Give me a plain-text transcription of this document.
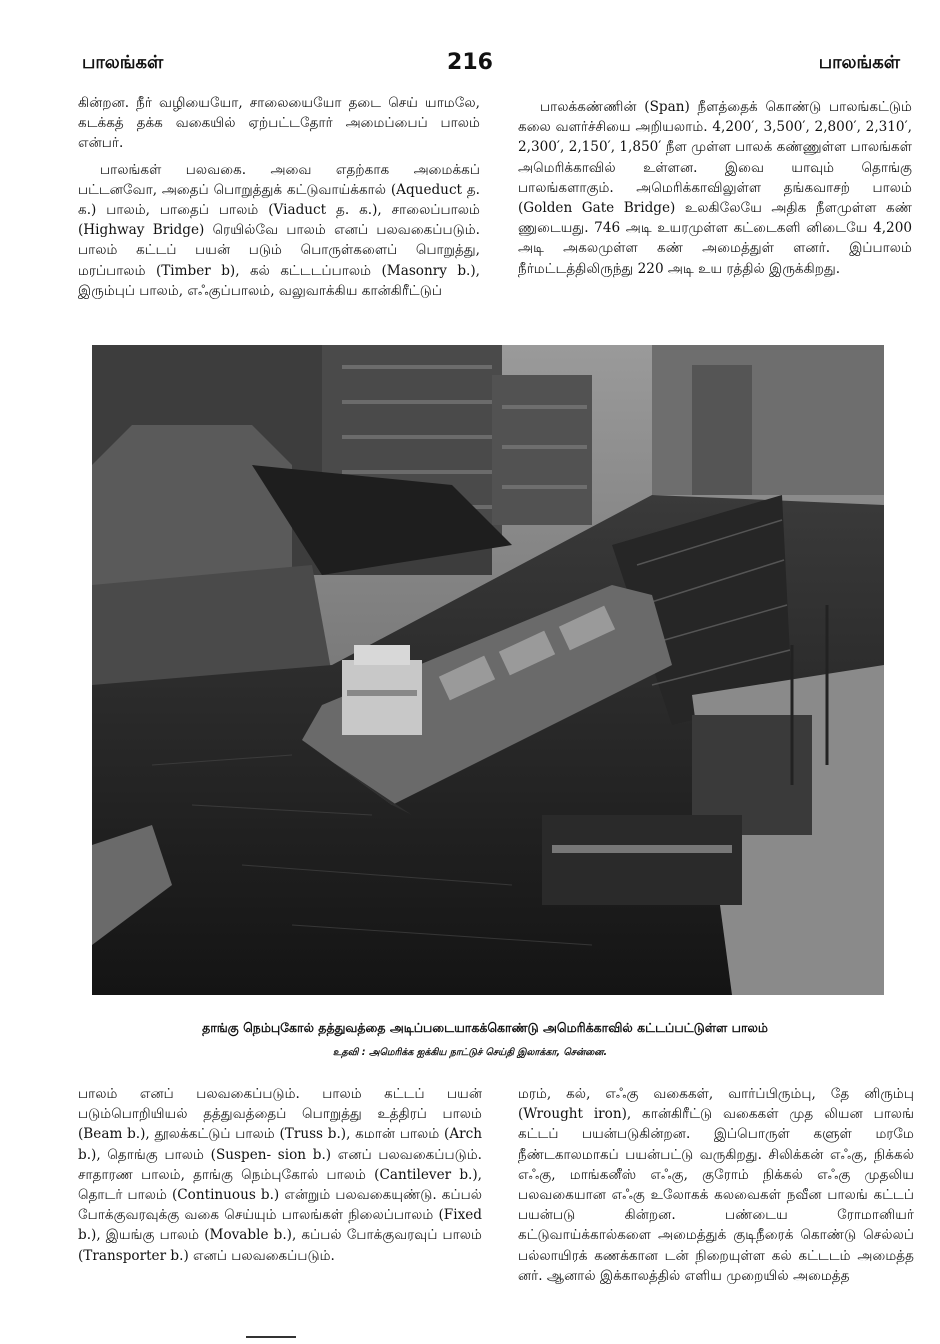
பாலங்கள்	216	பாலங்கள்

கின்றன. நீர் வழியையோ, சாலையையோ தடை செய் யாமலே, கடக்கத் தக்க வகையில் ஏற்பட்டதோர் அமைப்பைப் பாலம் என்பர்.

பாலங்கள் பலவகை. அவை எதற்காக அமைக்கப் பட்டனவோ, அதைப் பொறுத்துக் கட்டுவாய்க்கால் (Aqueduct த. க.) பாலம், பாதைப் பாலம் (Viaduct த. க.), சாலைப்பாலம் (Highway Bridge) ரெயில்வே பாலம் எனப் பலவகைப்படும். பாலம் கட்டப் பயன் படும் பொருள்களைப் பொறுத்து, மரப்பாலம் (Timber b), கல் கட்டடப்பாலம் (Masonry b.), இரும்புப் பாலம், எஃகுப்பாலம், வலுவாக்கிய கான்கிரீட்டுப்

பாலக்கண்ணின் (Span) நீளத்தைக் கொண்டு பாலங்கட்டும் கலை வளர்ச்சியை அறியலாம். 4,200′, 3,500′, 2,800′, 2,310′, 2,300′, 2,150′, 1,850′ நீள முள்ள பாலக் கண்ணுள்ள பாலங்கள் அமெரிக்காவில் உள்ளன. இவை யாவும் தொங்கு பாலங்களாகும். அமெரிக்காவிலுள்ள தங்கவாசற் பாலம் (Golden Gate Bridge) உலகிலேயே அதிக நீளமுள்ள கண் ணுடையது. 746 அடி உயரமுள்ள கட்டைகளி னிடையே 4,200 அடி அகலமுள்ள கண் அமைத்துள் ளனர். இப்பாலம் நீர்மட்டத்திலிருந்து 220 அடி உய ரத்தில் இருக்கிறது.

தாங்கு நெம்புகோல் தத்துவத்தை அடிப்படையாகக்கொண்டு அமெரிக்காவில் கட்டப்பட்டுள்ள பாலம்
உதவி : அமெரிக்க ஐக்கிய நாட்டுச் செய்தி இலாக்கா, சென்னை.

பாலம் எனப் பலவகைப்படும். பாலம் கட்டப் பயன் படும்பொறியியல் தத்துவத்தைப் பொறுத்து உத்திரப் பாலம் (Beam b.), தூலக்கட்டுப் பாலம் (Truss b.), கமான் பாலம் (Arch b.), தொங்கு பாலம் (Suspen- sion b.) எனப் பலவகைப்படும். சாதாரண பாலம், தாங்கு நெம்புகோல் பாலம் (Cantilever b.), தொடர் பாலம் (Continuous b.) என்றும் பலவகையுண்டு. கப்பல் போக்குவரவுக்கு வகை செய்யும் பாலங்கள் நிலைப்பாலம் (Fixed b.), இயங்கு பாலம் (Movable b.), கப்பல் போக்குவரவுப் பாலம் (Transporter b.) எனப் பலவகைப்படும்.

மரம், கல், எஃகு வகைகள், வார்ப்பிரும்பு, தே னிரும்பு (Wrought iron), கான்கிரீட்டு வகைகள் முத லியன பாலங் கட்டப் பயன்படுகின்றன. இப்பொருள் களுள் மரமே நீண்டகாலமாகப் பயன்பட்டு வருகிறது. சிலிக்கன் எஃகு, நிக்கல் எஃகு, மாங்கனீஸ் எஃகு, குரோம் நிக்கல் எஃகு முதலிய பலவகையான எஃகு உலோகக் கலவைகள் நவீன பாலங் கட்டப் பயன்படு கின்றன. பண்டைய ரோமானியர் கட்டுவாய்க்கால்களை அமைத்துக் குடிநீரைக் கொண்டு செல்லப் பல்லாயிரக் கணக்கான டன் நிறையுள்ள கல் கட்டடம் அமைத்த னர். ஆனால் இக்காலத்தில் எளிய முறையில் அமைத்த
